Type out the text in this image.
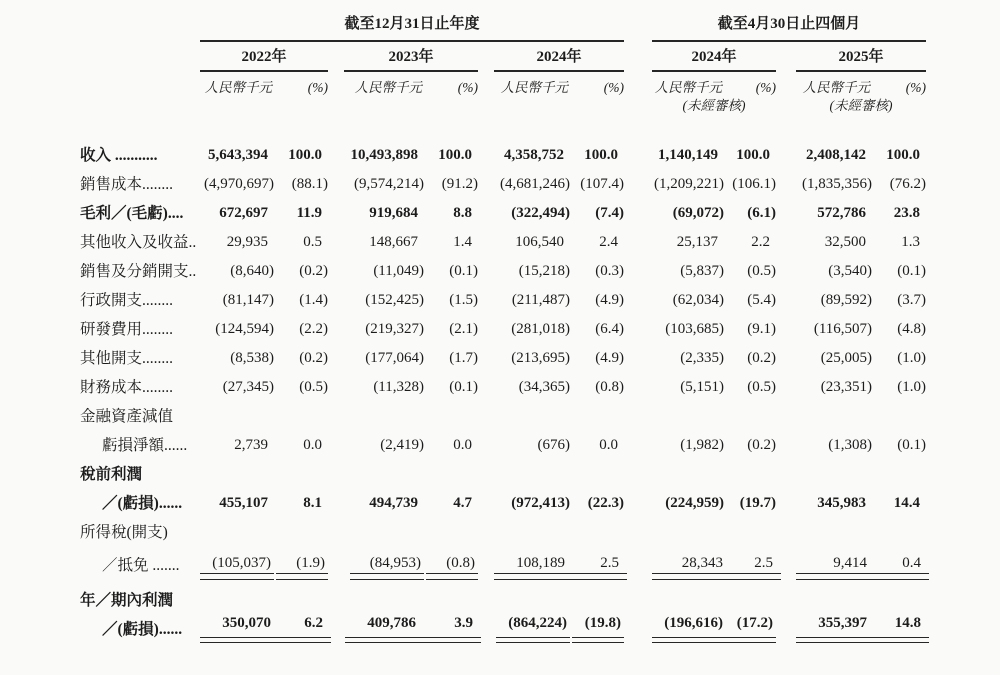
	截至12月31日止年度									截至4月30日止四個月				
	2022年			2023年			2024年			2024年			2025年	
	人民幣千元	(%)		人民幣千元	(%)		人民幣千元	(%)		人民幣千元	(%)		人民幣千元	(%)
										(未經審核)			(未經審核)	
收入 ...........	5,643,394	100.0		10,493,898	100.0		4,358,752	100.0		1,140,149	100.0		2,408,142	100.0
銷售成本........	(4,970,697)	(88.1)		(9,574,214)	(91.2)		(4,681,246)	(107.4)		(1,209,221)	(106.1)		(1,835,356)	(76.2)
毛利／(毛虧)....	672,697	11.9		919,684	8.8		(322,494)	(7.4)		(69,072)	(6.1)		572,786	23.8
其他收入及收益..	29,935	0.5		148,667	1.4		106,540	2.4		25,137	2.2		32,500	1.3
銷售及分銷開支..	(8,640)	(0.2)		(11,049)	(0.1)		(15,218)	(0.3)		(5,837)	(0.5)		(3,540)	(0.1)
行政開支........	(81,147)	(1.4)		(152,425)	(1.5)		(211,487)	(4.9)		(62,034)	(5.4)		(89,592)	(3.7)
研發費用........	(124,594)	(2.2)		(219,327)	(2.1)		(281,018)	(6.4)		(103,685)	(9.1)		(116,507)	(4.8)
其他開支........	(8,538)	(0.2)		(177,064)	(1.7)		(213,695)	(4.9)		(2,335)	(0.2)		(25,005)	(1.0)
財務成本........	(27,345)	(0.5)		(11,328)	(0.1)		(34,365)	(0.8)		(5,151)	(0.5)		(23,351)	(1.0)
金融資產減值														
虧損淨額......	2,739	0.0		(2,419)	0.0		(676)	0.0		(1,982)	(0.2)		(1,308)	(0.1)
稅前利潤														
／(虧損)......	455,107	8.1		494,739	4.7		(972,413)	(22.3)		(224,959)	(19.7)		345,983	14.4
所得稅(開支)														
／抵免 .......	(105,037)	(1.9)		(84,953)	(0.8)		108,189	2.5		28,343	2.5		9,414	0.4
年／期內利潤														
／(虧損)......	350,070	6.2		409,786	3.9		(864,224)	(19.8)		(196,616)	(17.2)		355,397	14.8
